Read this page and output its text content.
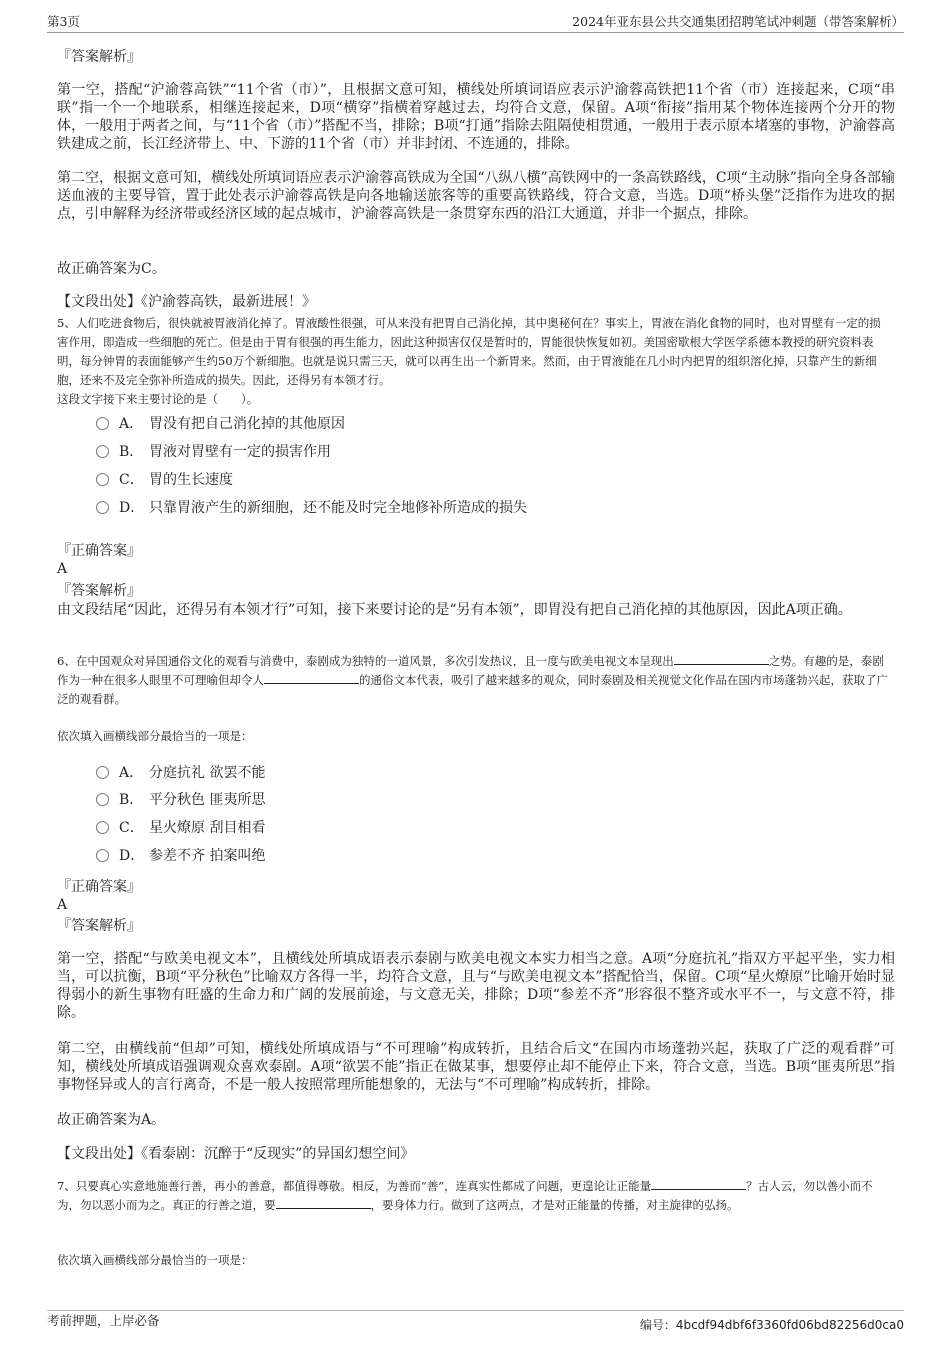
第3页	2024年亚东县公共交通集团招聘笔试冲刺题（带答案解析）

『答案解析』

第一空，搭配“沪渝蓉高铁”“11个省（市）”，且根据文意可知，横线处所填词语应表示沪渝蓉高铁把11个省（市）连接起来，C项“串联”指一个一个地联系，相继连接起来，D项“横穿”指横着穿越过去，均符合文意，保留。A项“衔接”指用某个物体连接两个分开的物体，一般用于两者之间，与“11个省（市）”搭配不当，排除；B项“打通”指除去阻隔使相贯通，一般用于表示原本堵塞的事物，沪渝蓉高铁建成之前，长江经济带上、中、下游的11个省（市）并非封闭、不连通的，排除。

第二空，根据文意可知，横线处所填词语应表示沪渝蓉高铁成为全国“八纵八横”高铁网中的一条高铁路线，C项“主动脉”指向全身各部输送血液的主要导管，置于此处表示沪渝蓉高铁是向各地输送旅客等的重要高铁路线，符合文意，当选。D项“桥头堡”泛指作为进攻的据点，引申解释为经济带或经济区域的起点城市，沪渝蓉高铁是一条贯穿东西的沿江大通道，并非一个据点，排除。

故正确答案为C。

【文段出处】《沪渝蓉高铁，最新进展！》

5、人们吃进食物后，很快就被胃液消化掉了。胃液酸性很强，可从来没有把胃自己消化掉，其中奥秘何在？事实上，胃液在消化食物的同时，也对胃壁有一定的损害作用，即造成一些细胞的死亡。但是由于胃有很强的再生能力，因此这种损害仅仅是暂时的，胃能很快恢复如初。美国密歇根大学医学系德本教授的研究资料表明，每分钟胃的表面能够产生约50万个新细胞。也就是说只需三天，就可以再生出一个新胃来。然而，由于胃液能在几小时内把胃的组织溶化掉，只靠产生的新细胞，还来不及完全弥补所造成的损失。因此，还得另有本领才行。
这段文字接下来主要讨论的是（　　）。

A． 胃没有把自己消化掉的其他原因
B． 胃液对胃壁有一定的损害作用
C． 胃的生长速度
D． 只靠胃液产生的新细胞，还不能及时完全地修补所造成的损失

『正确答案』

A

『答案解析』

由文段结尾“因此，还得另有本领才行”可知，接下来要讨论的是“另有本领”，即胃没有把自己消化掉的其他原因，因此A项正确。

6、在中国观众对异国通俗文化的观看与消费中，泰剧成为独特的一道风景，多次引发热议，且一度与欧美电视文本呈现出	之势。有趣的是，泰剧作为一种在很多人眼里不可理喻但却令人	的通俗文本代表，吸引了越来越多的观众，同时泰剧及相关视觉文化作品在国内市场蓬勃兴起，获取了广泛的观看群。

依次填入画横线部分最恰当的一项是：

A． 分庭抗礼 欲罢不能
B． 平分秋色 匪夷所思
C． 星火燎原 刮目相看
D． 参差不齐 拍案叫绝

『正确答案』

A

『答案解析』

第一空，搭配“与欧美电视文本”，且横线处所填成语表示泰剧与欧美电视文本实力相当之意。A项“分庭抗礼”指双方平起平坐，实力相当，可以抗衡，B项“平分秋色”比喻双方各得一半，均符合文意，且与“与欧美电视文本”搭配恰当，保留。C项“星火燎原”比喻开始时显得弱小的新生事物有旺盛的生命力和广阔的发展前途，与文意无关，排除；D项“参差不齐”形容很不整齐或水平不一，与文意不符，排除。

第二空，由横线前“但却”可知，横线处所填成语与“不可理喻”构成转折，且结合后文“在国内市场蓬勃兴起，获取了广泛的观看群”可知，横线处所填成语强调观众喜欢泰剧。A项“欲罢不能”指正在做某事，想要停止却不能停止下来，符合文意，当选。B项“匪夷所思”指事物怪异或人的言行离奇，不是一般人按照常理所能想象的，无法与“不可理喻”构成转折，排除。

故正确答案为A。

【文段出处】《看泰剧：沉醉于“反现实”的异国幻想空间》

7、只要真心实意地施善行善，再小的善意，都值得尊敬。相反，为善而“善”，连真实性都成了问题，更遑论让正能量	？古人云，勿以善小而不为，勿以恶小而为之。真正的行善之道，要	，要身体力行。做到了这两点，才是对正能量的传播，对主旋律的弘扬。

依次填入画横线部分最恰当的一项是：

考前押题，上岸必备	编号：4bcdf94dbf6f3360fd06bd82256d0ca0
